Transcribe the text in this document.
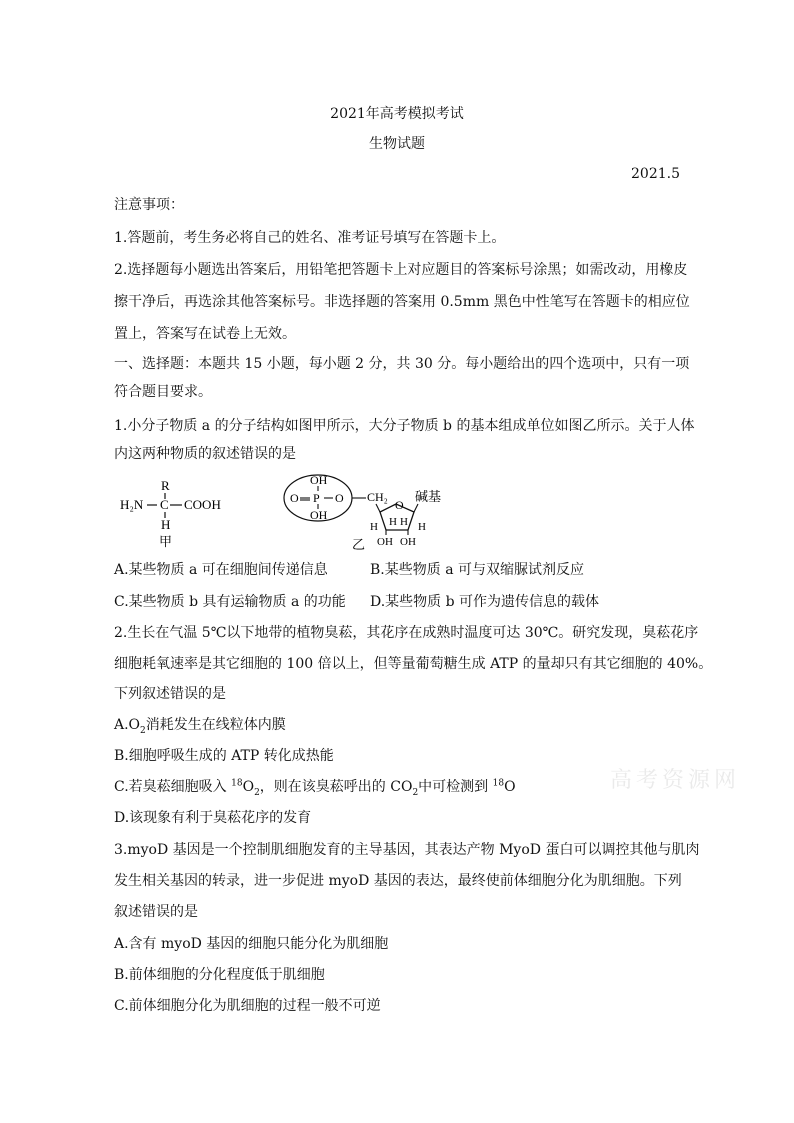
2021年高考模拟考试
生物试题
2021.5
注意事项：
1.答题前，考生务必将自己的姓名、准考证号填写在答题卡上。
2.选择题每小题选出答案后，用铅笔把答题卡上对应题目的答案标号涂黑；如需改动，用橡皮
擦干净后，再选涂其他答案标号。非选择题的答案用 0.5mm 黑色中性笔写在答题卡的相应位
置上，答案写在试卷上无效。
一、选择题：本题共 15 小题，每小题 2 分，共 30 分。每小题给出的四个选项中，只有一项
符合题目要求。
1.小分子物质 a 的分子结构如图甲所示，大分子物质 b 的基本组成单位如图乙所示。关于人体
内这两种物质的叙述错误的是
R
H₂N C COOH
H
甲
OH
O P O
OH
CH₂
O
碱基
H H H H
OH OH
乙
A.某些物质 a 可在细胞间传递信息	B.某些物质 a 可与双缩脲试剂反应
C.某些物质 b 具有运输物质 a 的功能 D.某些物质 b 可作为遗传信息的载体
2.生长在气温 5℃以下地带的植物臭菘，其花序在成熟时温度可达 30℃。研究发现，臭菘花序
细胞耗氧速率是其它细胞的 100 倍以上，但等量葡萄糖生成 ATP 的量却只有其它细胞的 40%。
下列叙述错误的是
$A.O_2$消耗发生在线粒体内膜
B.细胞呼吸生成的 ATP 转化成热能
C.若臭菘细胞吸入 $^{18}O_2$，则在该臭菘呼出的 $CO_2$中可检测到 $^{18}$O
D.该现象有利于臭菘花序的发育
高考资源网
3.myoD 基因是一个控制肌细胞发育的主导基因，其表达产物 MyoD 蛋白可以调控其他与肌肉
发生相关基因的转录，进一步促进 myoD 基因的表达，最终使前体细胞分化为肌细胞。下列
叙述错误的是
A.含有 myoD 基因的细胞只能分化为肌细胞
B.前体细胞的分化程度低于肌细胞
C.前体细胞分化为肌细胞的过程一般不可逆
